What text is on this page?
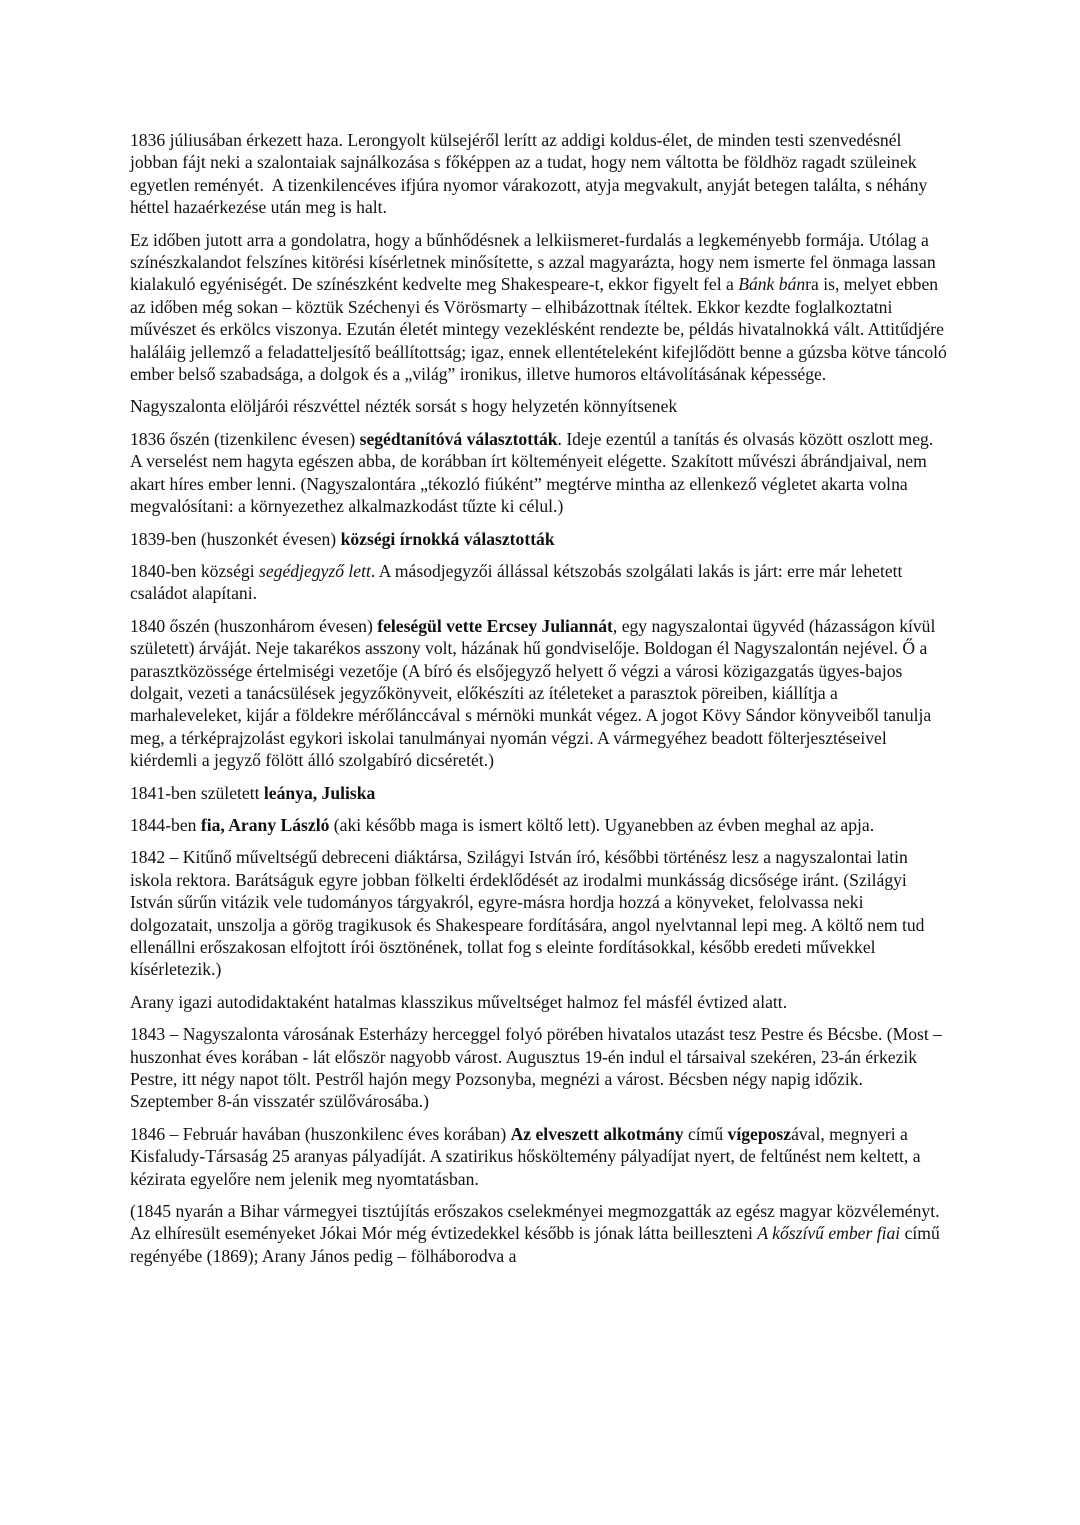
1836 júliusában érkezett haza. Lerongyolt külsejéről lerítt az addigi koldus-élet, de minden testi szenvedésnél jobban fájt neki a szalontaiak sajnálkozása s főképpen az a tudat, hogy nem váltotta be földhöz ragadt szüleinek egyetlen reményét.  A tizenkilencéves ifjúra nyomor várakozott, atyja megvakult, anyját betegen találta, s néhány héttel hazaérkezése után meg is halt.

Ez időben jutott arra a gondolatra, hogy a bűnhődésnek a lelkiismeret-furdalás a legkeményebb formája. Utólag a színészkalandot felszínes kitörési kísérletnek minősítette, s azzal magyarázta, hogy nem ismerte fel önmaga lassan kialakuló egyéniségét. De színészként kedvelte meg Shakespeare-t, ekkor figyelt fel a Bánk bánra is, melyet ebben az időben még sokan – köztük Széchenyi és Vörösmarty – elhibázottnak ítéltek. Ekkor kezdte foglalkoztatni művészet és erkölcs viszonya. Ezután életét mintegy vezeklésként rendezte be, példás hivatalnokká vált. Attitűdjére haláláig jellemző a feladatteljesítő beállítottság; igaz, ennek ellentételeként kifejlődött benne a gúzsba kötve táncoló ember belső szabadsága, a dolgok és a „világ” ironikus, illetve humoros eltávolításának képessége.

Nagyszalonta elöljárói részvéttel nézték sorsát s hogy helyzetén könnyítsenek

1836 őszén (tizenkilenc évesen) segédtanítóvá választották. Ideje ezentúl a tanítás és olvasás között oszlott meg. A verselést nem hagyta egészen abba, de korábban írt költeményeit elégette. Szakított művészi ábrándjaival, nem akart híres ember lenni. (Nagyszalontára „tékozló fiúként” megtérve mintha az ellenkező végletet akarta volna megvalósítani: a környezethez alkalmazkodást tűzte ki célul.)

1839-ben (huszonkét évesen) községi írnokká választották

1840-ben községi segédjegyző lett. A másodjegyzői állással kétszobás szolgálati lakás is járt: erre már lehetett családot alapítani.

1840 őszén (huszonhárom évesen) feleségül vette Ercsey Juliannát, egy nagyszalontai ügyvéd (házasságon kívül született) árváját. Neje takarékos asszony volt, házának hű gondviselője. Boldogan él Nagyszalontán nejével. Ő a parasztközössége értelmiségi vezetője (A bíró és elsőjegyző helyett ő végzi a városi közigazgatás ügyes-bajos dolgait, vezeti a tanácsülések jegyzőkönyveit, előkészíti az ítéleteket a parasztok pöreiben, kiállítja a marhaleveleket, kijár a földekre mérőlánccával s mérnöki munkát végez. A jogot Kövy Sándor könyveiből tanulja meg, a térképrajzolást egykori iskolai tanulmányai nyomán végzi. A vármegyéhez beadott fölterjesztéseivel kiérdemli a jegyző fölött álló szolgabíró dicséretét.)

1841-ben született leánya, Juliska

1844-ben fia, Arany László (aki később maga is ismert költő lett). Ugyanebben az évben meghal az apja.

1842 – Kitűnő műveltségű debreceni diáktársa, Szilágyi István író, későbbi történész lesz a nagyszalontai latin iskola rektora. Barátságuk egyre jobban fölkelti érdeklődését az irodalmi munkásság dicsősége iránt. (Szilágyi István sűrűn vitázik vele tudományos tárgyakról, egyre-másra hordja hozzá a könyveket, felolvassa neki dolgozatait, unszolja a görög tragikusok és Shakespeare fordítására, angol nyelvtannal lepi meg. A költő nem tud ellenállni erőszakosan elfojtott írói ösztönének, tollat fog s eleinte fordításokkal, később eredeti művekkel kísérletezik.)

Arany igazi autodidaktaként hatalmas klasszikus műveltséget halmoz fel másfél évtized alatt.

1843 – Nagyszalonta városának Esterházy herceggel folyó pörében hivatalos utazást tesz Pestre és Bécsbe. (Most – huszonhat éves korában - lát először nagyobb várost. Augusztus 19-én indul el társaival szekéren, 23-án érkezik Pestre, itt négy napot tölt. Pestről hajón megy Pozsonyba, megnézi a várost. Bécsben négy napig időzik. Szeptember 8-án visszatér szülővárosába.)

1846 – Február havában (huszonkilenc éves korában) Az elveszett alkotmány című vígeposzával, megnyeri a Kisfaludy-Társaság 25 aranyas pályadíját. A szatirikus hősköltemény pályadíjat nyert, de feltűnést nem keltett, a kézirata egyelőre nem jelenik meg nyomtatásban.

(1845 nyarán a Bihar vármegyei tisztújítás erőszakos cselekményei megmozgatták az egész magyar közvéleményt. Az elhíresült eseményeket Jókai Mór még évtizedekkel később is jónak látta beilleszteni A kőszívű ember fiai című regényébe (1869); Arany János pedig – fölháborodva a
